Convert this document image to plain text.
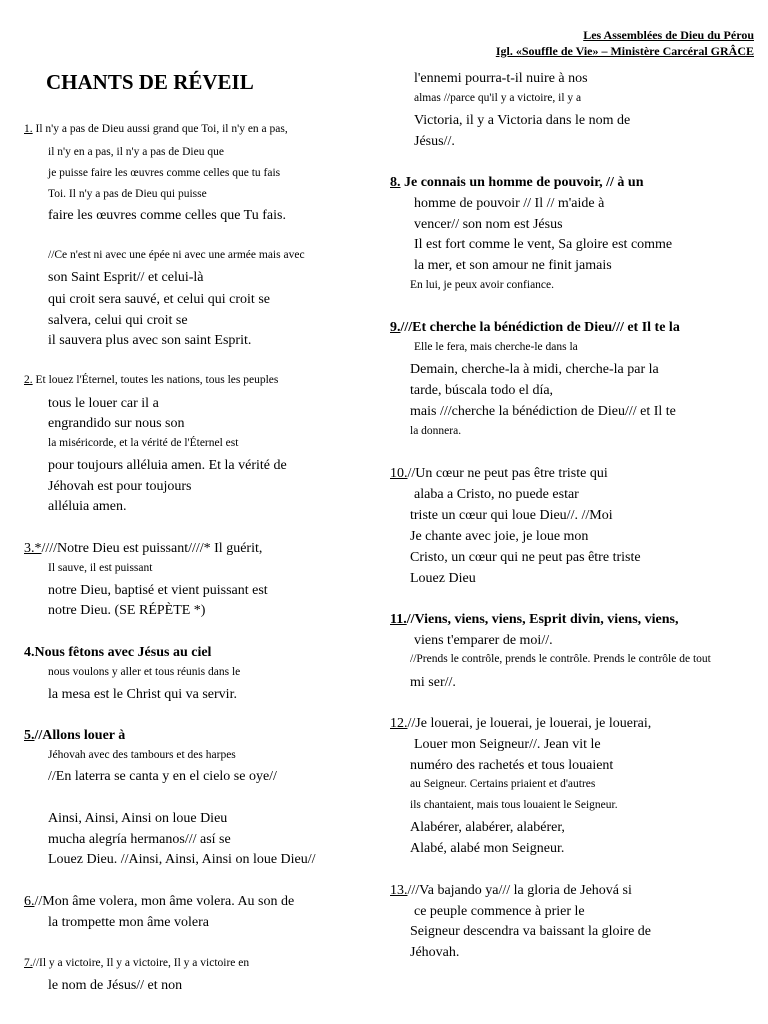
Les Assemblées de Dieu du Pérou
Igl. «Souffle de Vie» – Ministère Carcéral GRÂCE
CHANTS DE RÉVEIL
1. Il n'y a pas de Dieu aussi grand que Toi, il n'y en a pas,
il n'y en a pas, il n'y a pas de Dieu que
je puisse faire les œuvres comme celles que tu fais
Toi. Il n'y a pas de Dieu qui puisse
faire les œuvres comme celles que Tu fais.
//Ce n'est ni avec une épée ni avec une armée mais avec
son Saint Esprit// et celui-là
qui croit sera sauvé, et celui qui croit se
salvera, celui qui croit se
il sauvera plus avec son saint Esprit.
2. Et louez l'Éternel, toutes les nations, tous les peuples
tous le louer car il a
engrandido sur nous son
la miséricorde, et la vérité de l'Éternel est
pour toujours alléluia amen. Et la vérité de
Jéhovah est pour toujours
alléluia amen.
3.*////Notre Dieu est puissant////* Il guérit,
Il sauve, il est puissant
notre Dieu, baptisé et vient puissant est
notre Dieu. (SE RÉPÈTE *)
4.Nous fêtons avec Jésus au ciel
nous voulons y aller et tous réunis dans le
la mesa est le Christ qui va servir.
5.//Allons louer à
Jéhovah avec des tambours et des harpes
//En laterra se canta y en el cielo se oye//
Ainsi, Ainsi, Ainsi on loue Dieu
mucha alegría hermanos/// así se
Louez Dieu. //Ainsi, Ainsi, Ainsi on loue Dieu//
6.//Mon âme volera, mon âme volera. Au son de
la trompette mon âme volera
7.//Il y a victoire, Il y a victoire, Il y a victoire en
le nom de Jésus// et non
l'ennemi pourra-t-il nuire à nos
almas //parce qu'il y a victoire, il y a
Victoria, il y a Victoria dans le nom de
Jésus//.
8. Je connais un homme de pouvoir, // à un
homme de pouvoir // Il // m'aide à
vencer// son nom est Jésus
Il est fort comme le vent, Sa gloire est comme
la mer, et son amour ne finit jamais
En lui, je peux avoir confiance.
9.///Et cherche la bénédiction de Dieu/// et Il te la
Elle le fera, mais cherche-le dans la
Demain, cherche-la à midi, cherche-la par la
tarde, búscala todo el día,
mais ///cherche la bénédiction de Dieu/// et Il te
la donnera.
10.//Un cœur ne peut pas être triste qui
alaba a Cristo, no puede estar
triste un cœur qui loue Dieu//. //Moi
Je chante avec joie, je loue mon
Cristo, un cœur qui ne peut pas être triste
Louez Dieu
11.//Viens, viens, viens, Esprit divin, viens, viens,
viens t'emparer de moi//.
//Prends le contrôle, prends le contrôle. Prends le contrôle de tout
mi ser//.
12.//Je louerai, je louerai, je louerai, je louerai,
Louer mon Seigneur//. Jean vit le
numéro des rachetés et tous louaient
au Seigneur. Certains priaient et d'autres
ils chantaient, mais tous louaient le Seigneur.
Alabérer, alabérer, alabérer,
Alabé, alabé mon Seigneur.
13.///Va bajando ya/// la gloria de Jehová si
ce peuple commence à prier le
Seigneur descendra va baissant la gloire de
Jéhovah.
